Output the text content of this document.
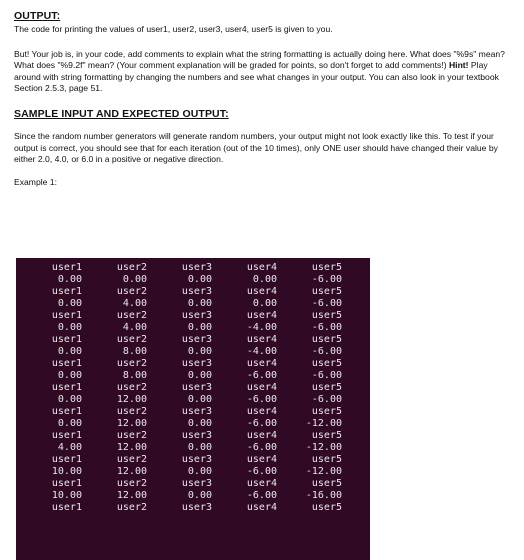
OUTPUT:

The code for printing the values of user1, user2, user3, user4, user5 is given to you.

But! Your job is, in your code, add comments to explain what the string formatting is actually doing here. What does "%9s" mean? What does "%9.2f" mean? (Your comment explanation will be graded for points, so don't forget to add comments!) Hint! Play around with string formatting by changing the numbers and see what changes in your output. You can also look in your textbook Section 2.5.3, page 51.

SAMPLE INPUT AND EXPECTED OUTPUT:

Since the random number generators will generate random numbers, your output might not look exactly like this. To test if your output is correct, you should see that for each iteration (out of the 10 times), only ONE user should have changed their value by either 2.0, 4.0, or 6.0 in a positive or negative direction.

Example 1:

user1	user2	user3	user4	user5
0.00	0.00	0.00	0.00	-6.00
user1	user2	user3	user4	user5
0.00	4.00	0.00	0.00	-6.00
user1	user2	user3	user4	user5
0.00	4.00	0.00	-4.00	-6.00
user1	user2	user3	user4	user5
0.00	8.00	0.00	-4.00	-6.00
user1	user2	user3	user4	user5
0.00	8.00	0.00	-6.00	-6.00
user1	user2	user3	user4	user5
0.00	12.00	0.00	-6.00	-6.00
user1	user2	user3	user4	user5
0.00	12.00	0.00	-6.00	-12.00
user1	user2	user3	user4	user5
4.00	12.00	0.00	-6.00	-12.00
user1	user2	user3	user4	user5
10.00	12.00	0.00	-6.00	-12.00
user1	user2	user3	user4	user5
10.00	12.00	0.00	-6.00	-16.00
user1	user2	user3	user4	user5
